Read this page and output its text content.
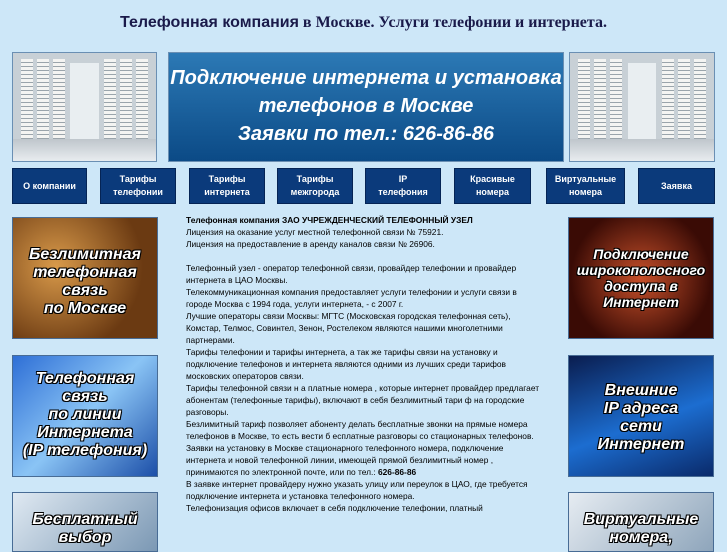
Телефонная компания в Москве. Услуги телефонии и интернета.
Подключение интернета и установка
телефонов в Москве
Заявки по тел.: 626-86-86
О компании
Тарифы
телефонии
Тарифы
интернета
Тарифы
межгорода
IP
телефония
Красивые
номера
Виртуальные
номера
Заявка
Безлимитная
телефонная
связь
по Москве
Телефонная
связь
по линии
Интернета
(IP телефония)
Бесплатный
выбор
Подключение
широкополосного
доступа в
Интернет
Внешние
IP адреса
сети
Интернет
Виртуальные
номера,

Телефонная компания ЗАО УЧРЕЖДЕНЧЕСКИЙ ТЕЛЕФОННЫЙ УЗЕЛ

Лицензия на оказание услуг местной телефонной связи № 75921.

Лицензия на предоставление в аренду каналов связи № 26906.

Телефонный узел - оператор телефонной связи, провайдер телефонии и провайдер интернета в ЦАО Москвы.

Телекоммуникационная компания предоставляет услуги телефонии и услуги связи в городе Москва с 1994 года, услуги интернета, - с 2007 г.

Лучшие операторы связи Москвы: МГТС (Московская городская телефонная сеть), Комстар, Телмос, Совинтел, Зенон, Ростелеком являются нашими многолетними партнерами.

Тарифы телефонии и тарифы интернета, а так же тарифы связи на установку и подключение телефонов и интернета являются одними из лучших среди тарифов московских операторов связи.

Тарифы телефонной связи н а платные номера , которые интернет провайдер предлагает абонентам (телефонные тарифы), включают в себя безлимитный тари ф на городские разговоры.

Безлимитный тариф позволяет абоненту делать бесплатные звонки на прямые номера телефонов в Москве, то есть вести б есплатные разговоры со стационарных телефонов.

Заявки на установку в Москве стационарного телефонного номера, подключение интернета и новой телефонной линии, имеющей прямой безлимитный номер , принимаются по электронной почте, или по тел.: 626-86-86

В заявке интернет провайдеру нужно указать улицу или переулок в ЦАО, где требуется подключение интернета и установка телефонного номера.

Телефонизация офисов включает в себя подключение телефонии, платный
